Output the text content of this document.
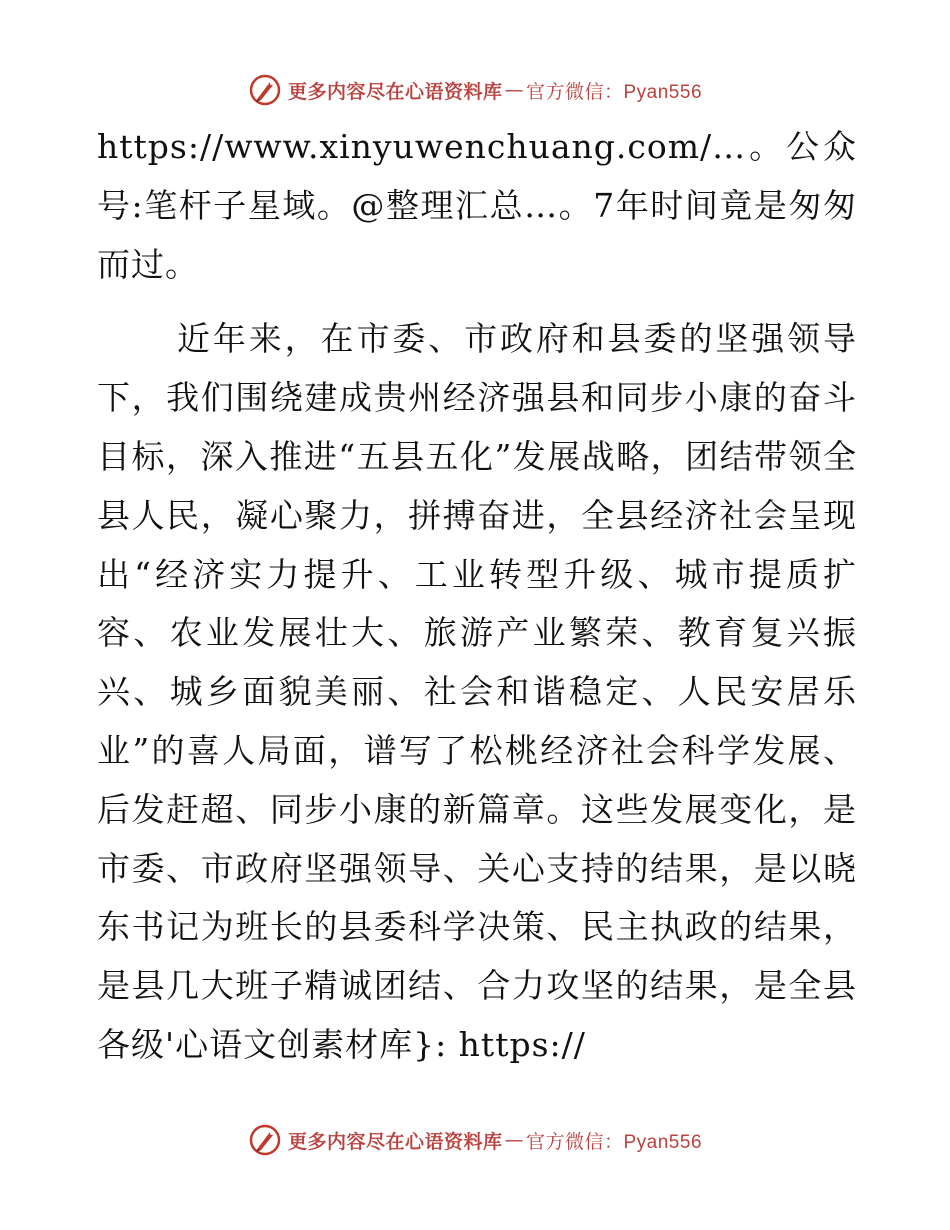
更多内容尽在心语资料库 — 官方微信：Pyan556

https://www.xinyuwenchuang.com/…。公众号:笔杆子星域。@整理汇总…。7年时间竟是匆匆而过。

近年来，在市委、市政府和县委的坚强领导下，我们围绕建成贵州经济强县和同步小康的奋斗目标，深入推进“五县五化”发展战略，团结带领全县人民，凝心聚力，拼搏奋进，全县经济社会呈现出“经济实力提升、工业转型升级、城市提质扩容、农业发展壮大、旅游产业繁荣、教育复兴振兴、城乡面貌美丽、社会和谐稳定、人民安居乐业”的喜人局面，谱写了松桃经济社会科学发展、后发赶超、同步小康的新篇章。这些发展变化，是市委、市政府坚强领导、关心支持的结果，是以晓东书记为班长的县委科学决策、民主执政的结果，是县几大班子精诚团结、合力攻坚的结果，是全县各级'心语文创素材库}: https://

更多内容尽在心语资料库 — 官方微信：Pyan556
